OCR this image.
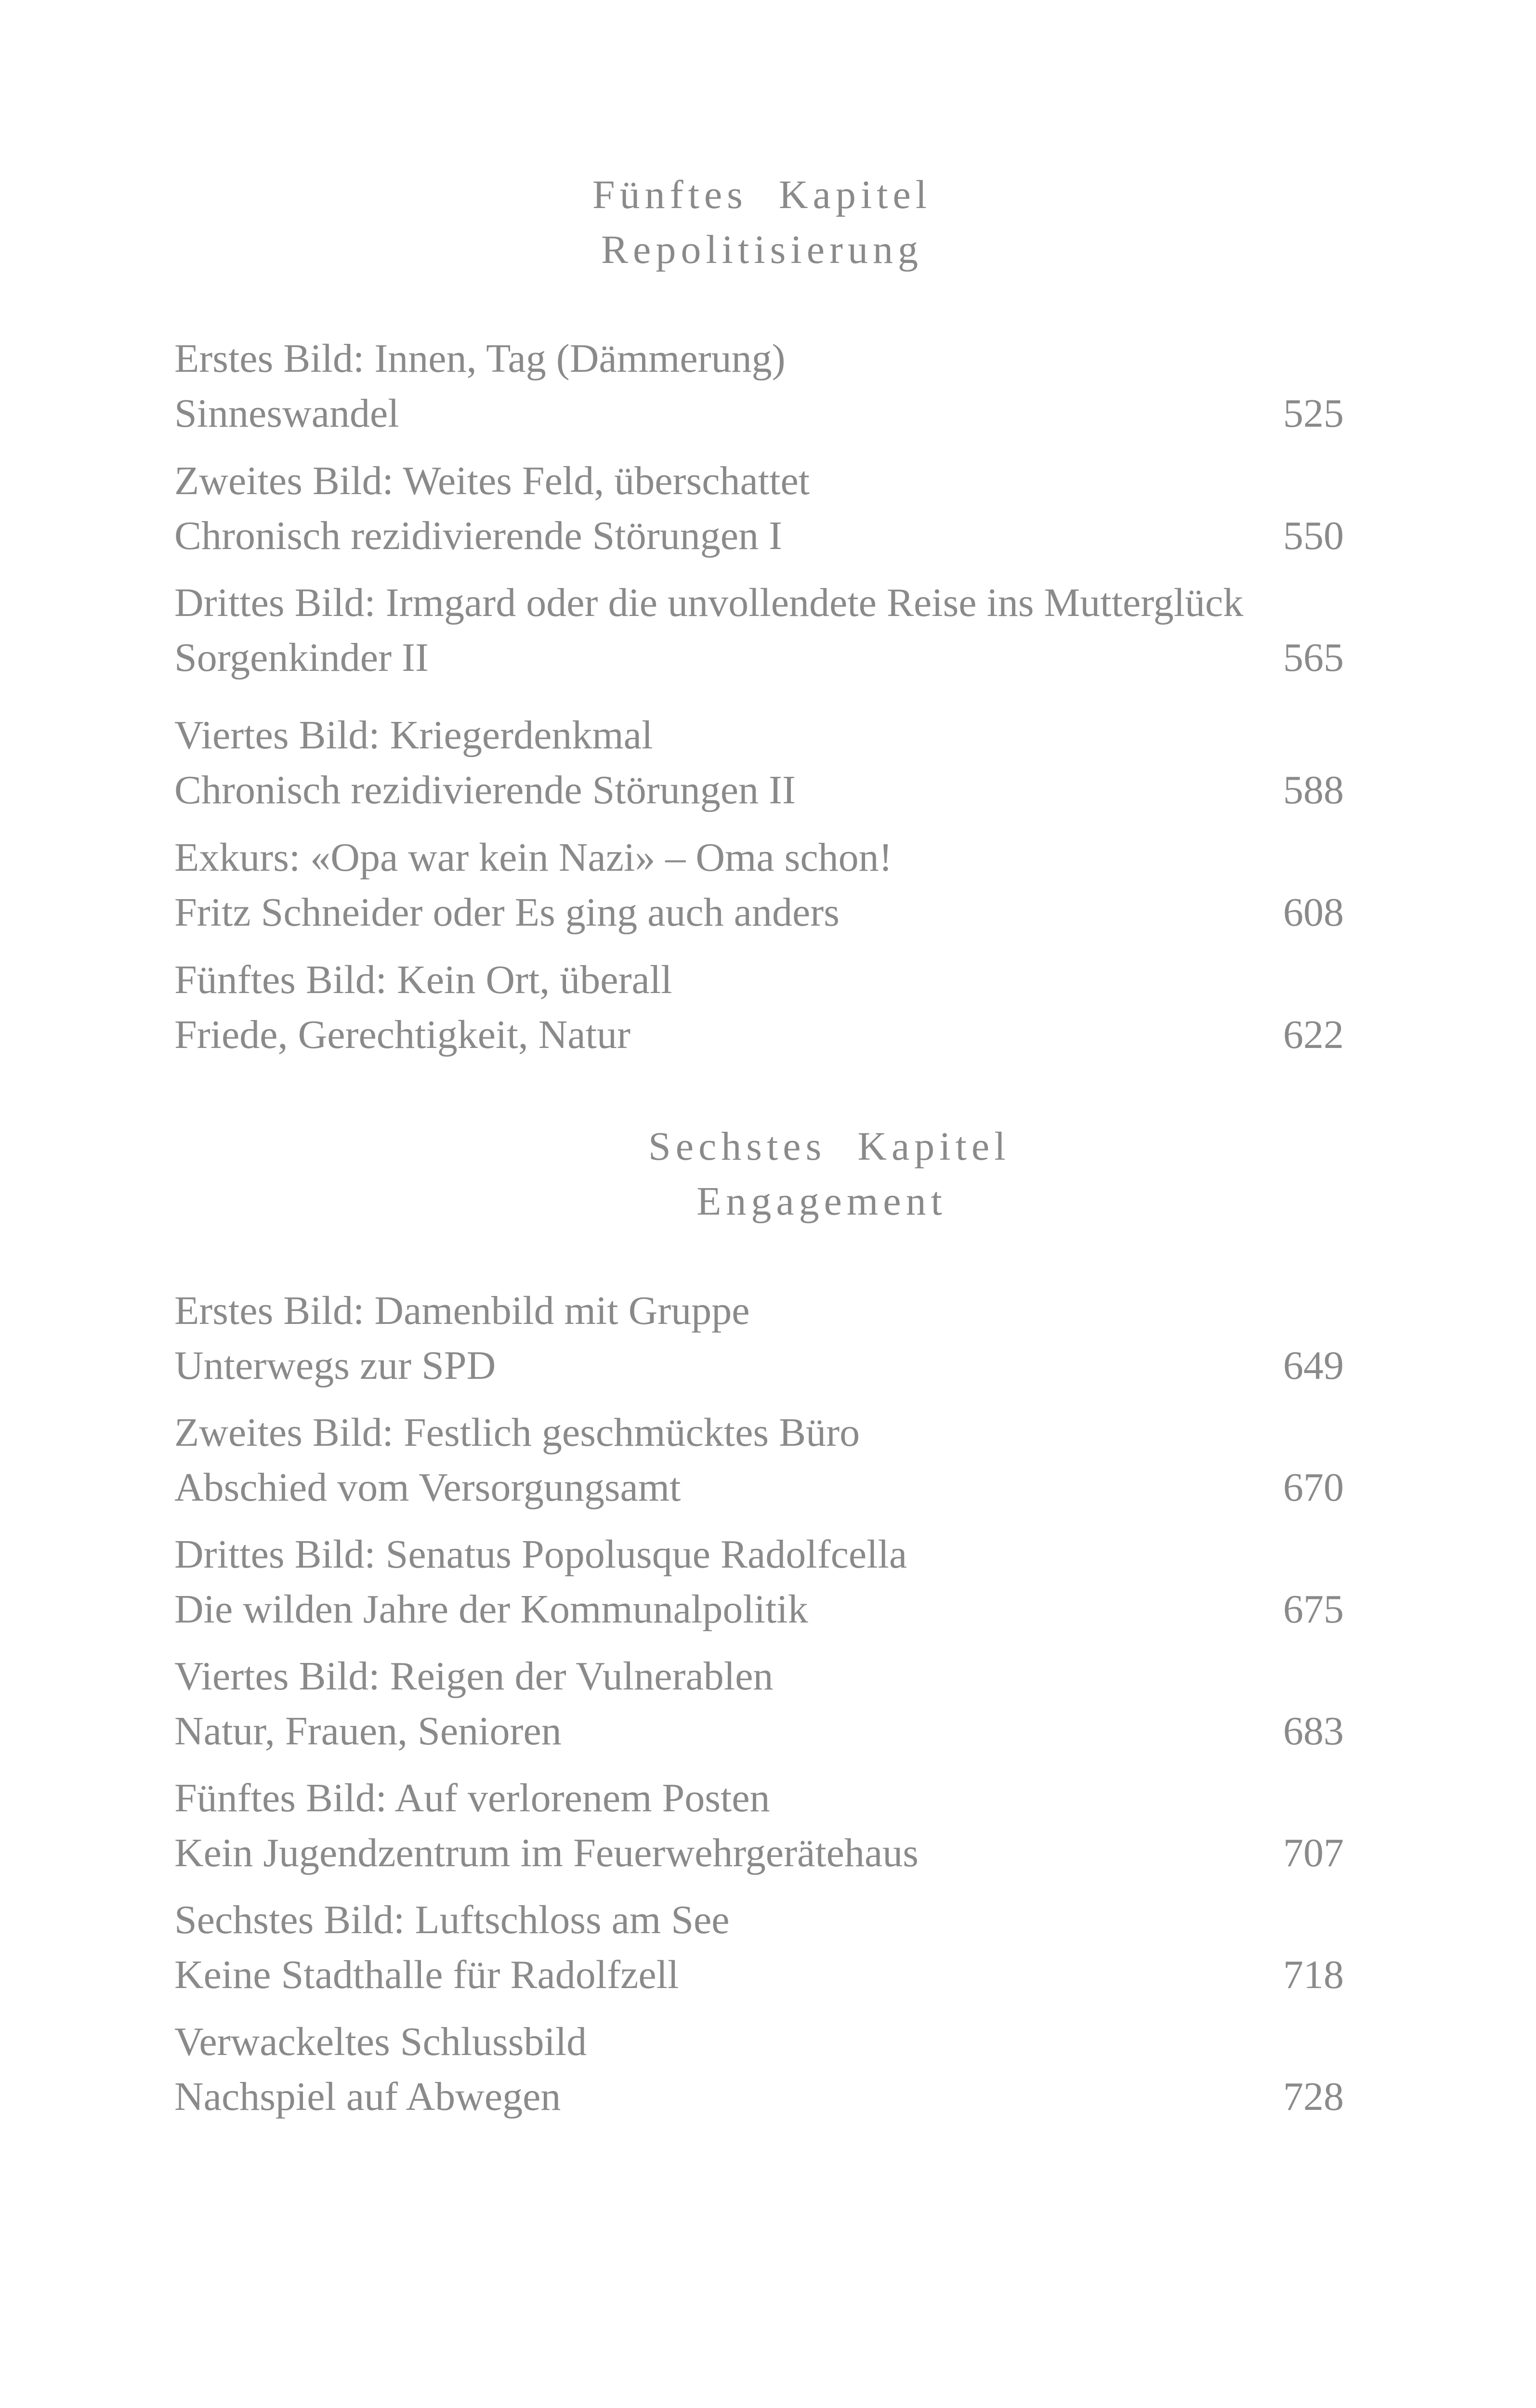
Fünftes Kapitel
Repolitisierung
Erstes Bild: Innen, Tag (Dämmerung)
Sinneswandel	525
Zweites Bild: Weites Feld, überschattet
Chronisch rezidivierende Störungen I	550
Drittes Bild: Irmgard oder die unvollendete Reise ins Mutterglück
Sorgenkinder II	565
Viertes Bild: Kriegerdenkmal
Chronisch rezidivierende Störungen II	588
Exkurs: «Opa war kein Nazi» – Oma schon!
Fritz Schneider oder Es ging auch anders	608
Fünftes Bild: Kein Ort, überall
Friede, Gerechtigkeit, Natur	622
Sechstes Kapitel
Engagement
Erstes Bild: Damenbild mit Gruppe
Unterwegs zur SPD	649
Zweites Bild: Festlich geschmücktes Büro
Abschied vom Versorgungsamt	670
Drittes Bild: Senatus Popolusque Radolfcella
Die wilden Jahre der Kommunalpolitik	675
Viertes Bild: Reigen der Vulnerablen
Natur, Frauen, Senioren	683
Fünftes Bild: Auf verlorenem Posten
Kein Jugendzentrum im Feuerwehrgerätehaus	707
Sechstes Bild: Luftschloss am See
Keine Stadthalle für Radolfzell	718
Verwackeltes Schlussbild
Nachspiel auf Abwegen	728
